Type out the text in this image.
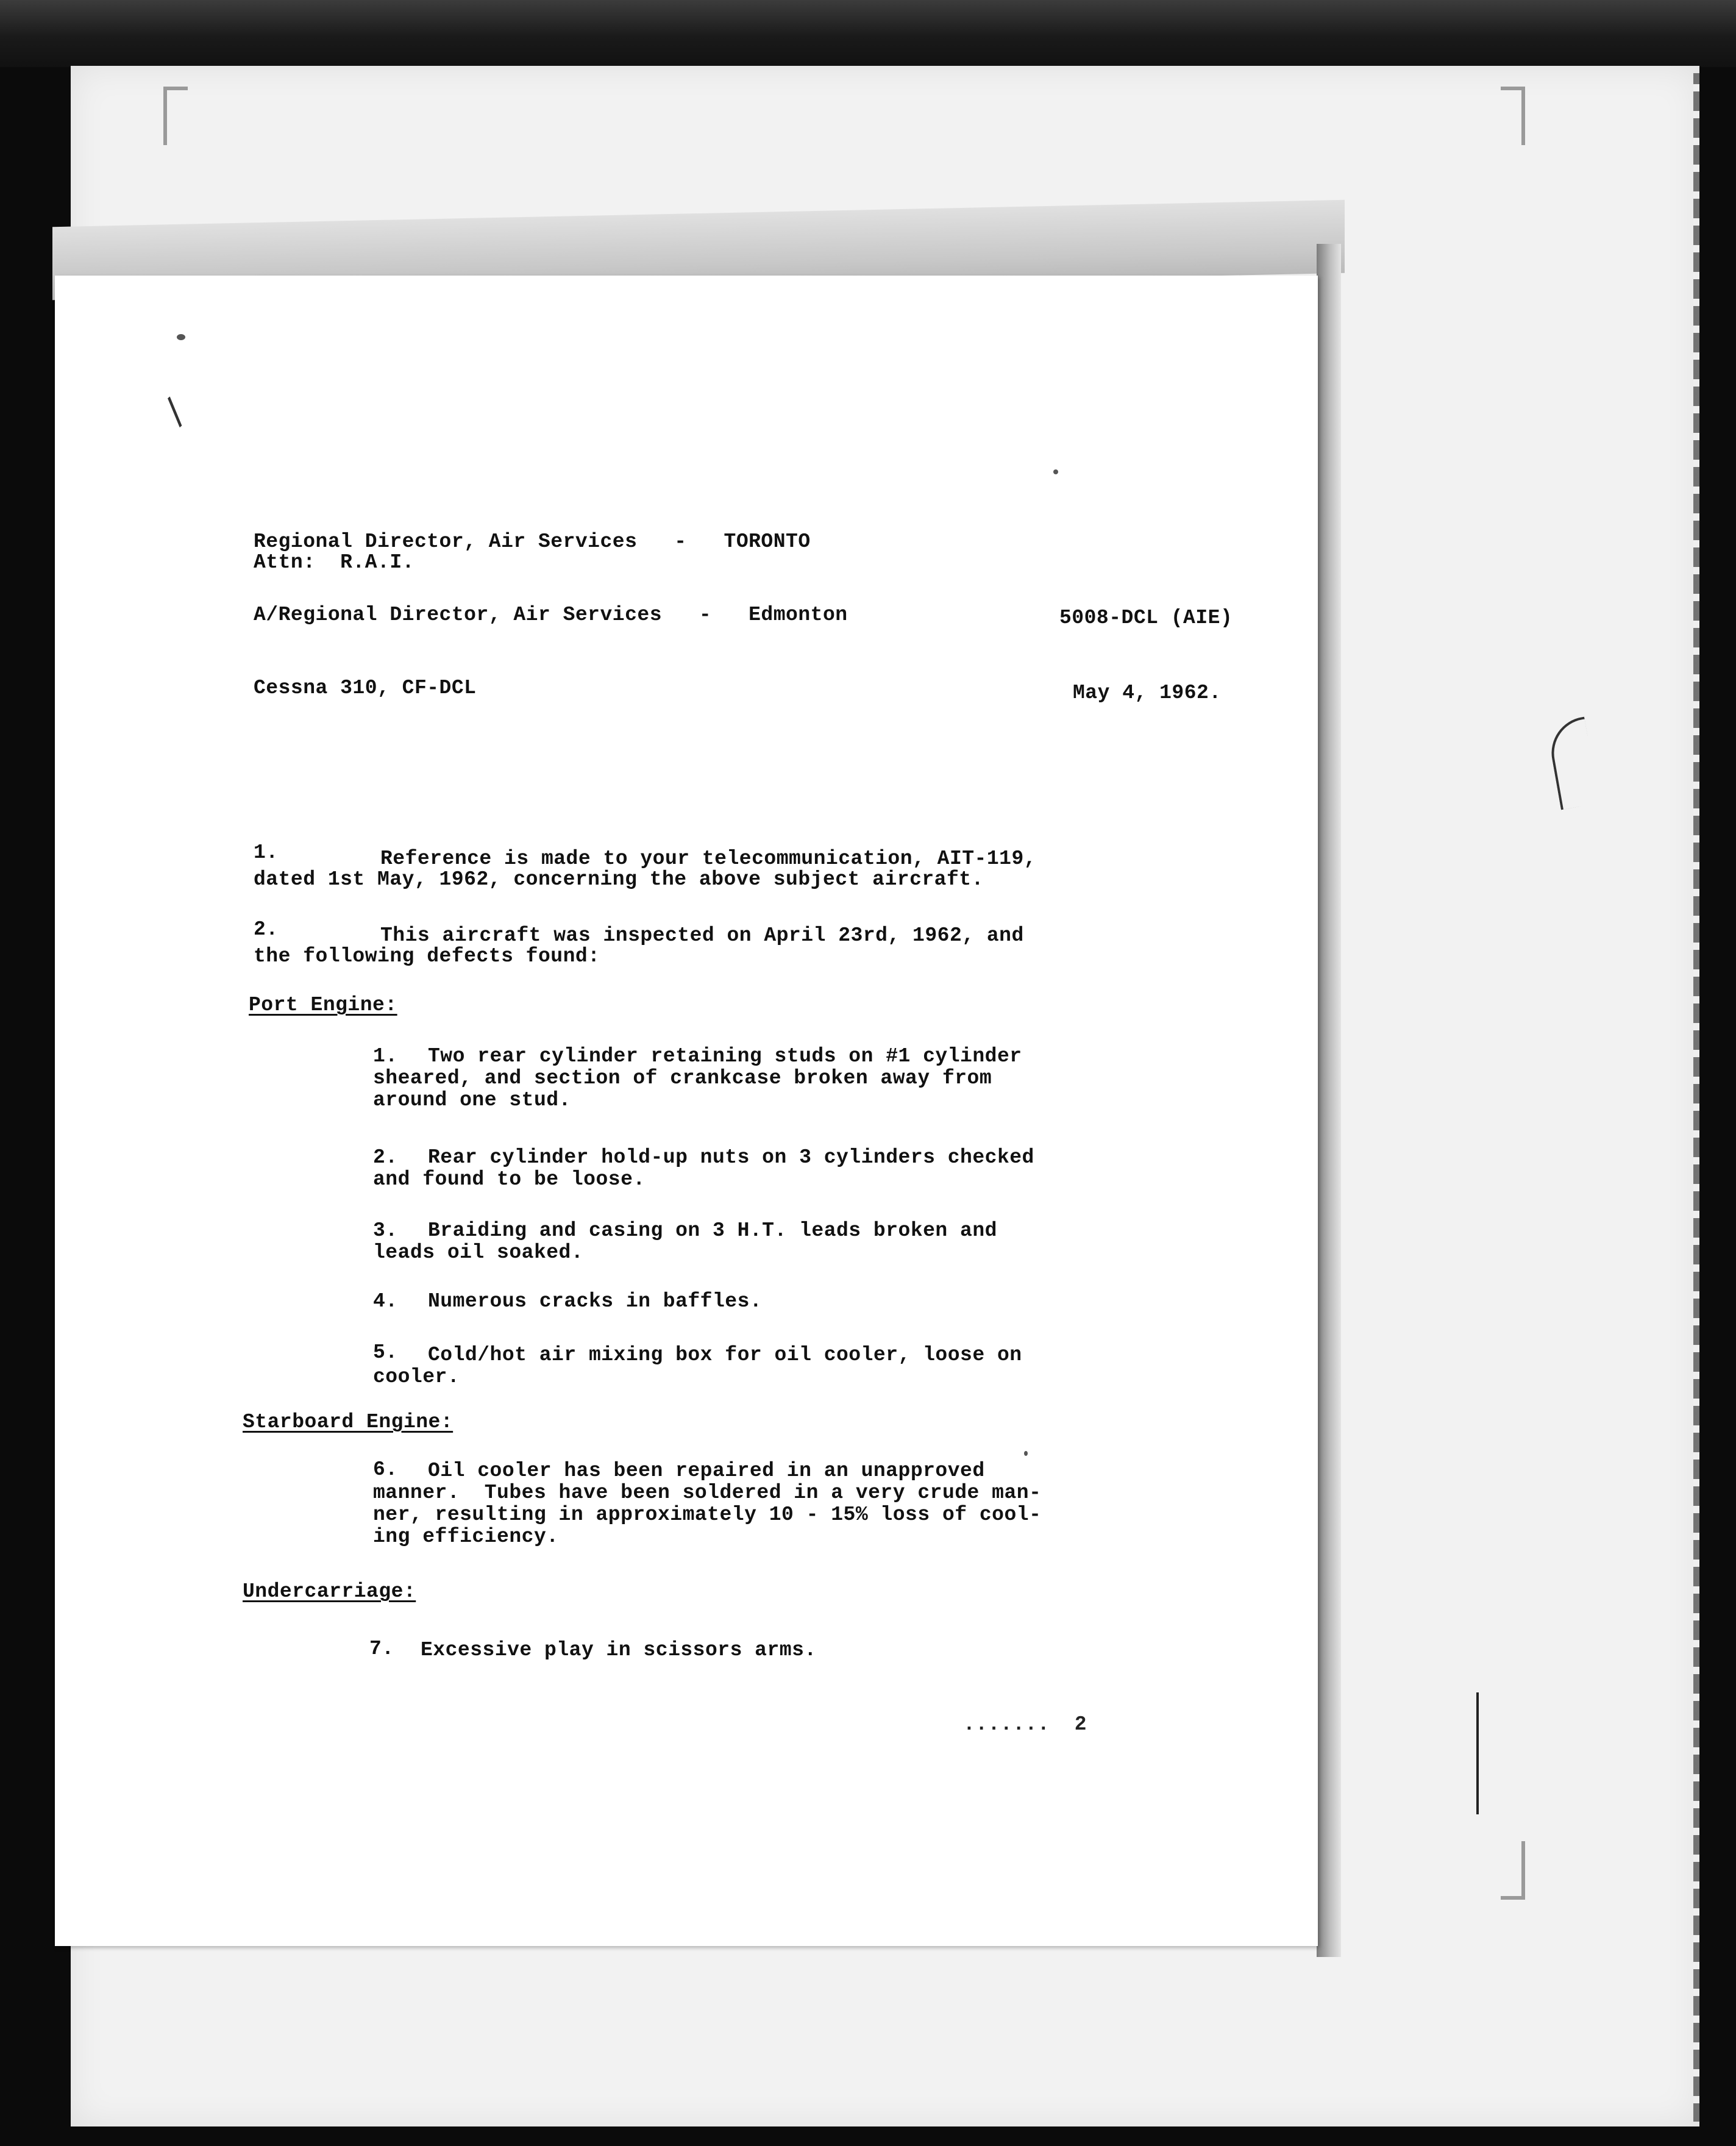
/
Regional Director, Air Services   -   TORONTO
Attn:  R.A.I.
A/Regional Director, Air Services   -   Edmonton	5008-DCL (AIE)
Cessna 310, CF-DCL	May 4, 1962.
1.	Reference is made to your telecommunication, AIT-119,
dated 1st May, 1962, concerning the above subject aircraft.
2.	This aircraft was inspected on April 23rd, 1962, and
the following defects found:
Port Engine:
1. Two rear cylinder retaining studs on #1 cylinder
sheared, and section of crankcase broken away from
around one stud.
2. Rear cylinder hold-up nuts on 3 cylinders checked
and found to be loose.
3. Braiding and casing on 3 H.T. leads broken and
leads oil soaked.
4. Numerous cracks in baffles.
5. Cold/hot air mixing box for oil cooler, loose on
cooler.
Starboard Engine:
6. Oil cooler has been repaired in an unapproved
manner.  Tubes have been soldered in a very crude man-
ner, resulting in approximately 10 - 15% loss of cool-
ing efficiency.
Undercarriage:
7. Excessive play in scissors arms.
.......  2
